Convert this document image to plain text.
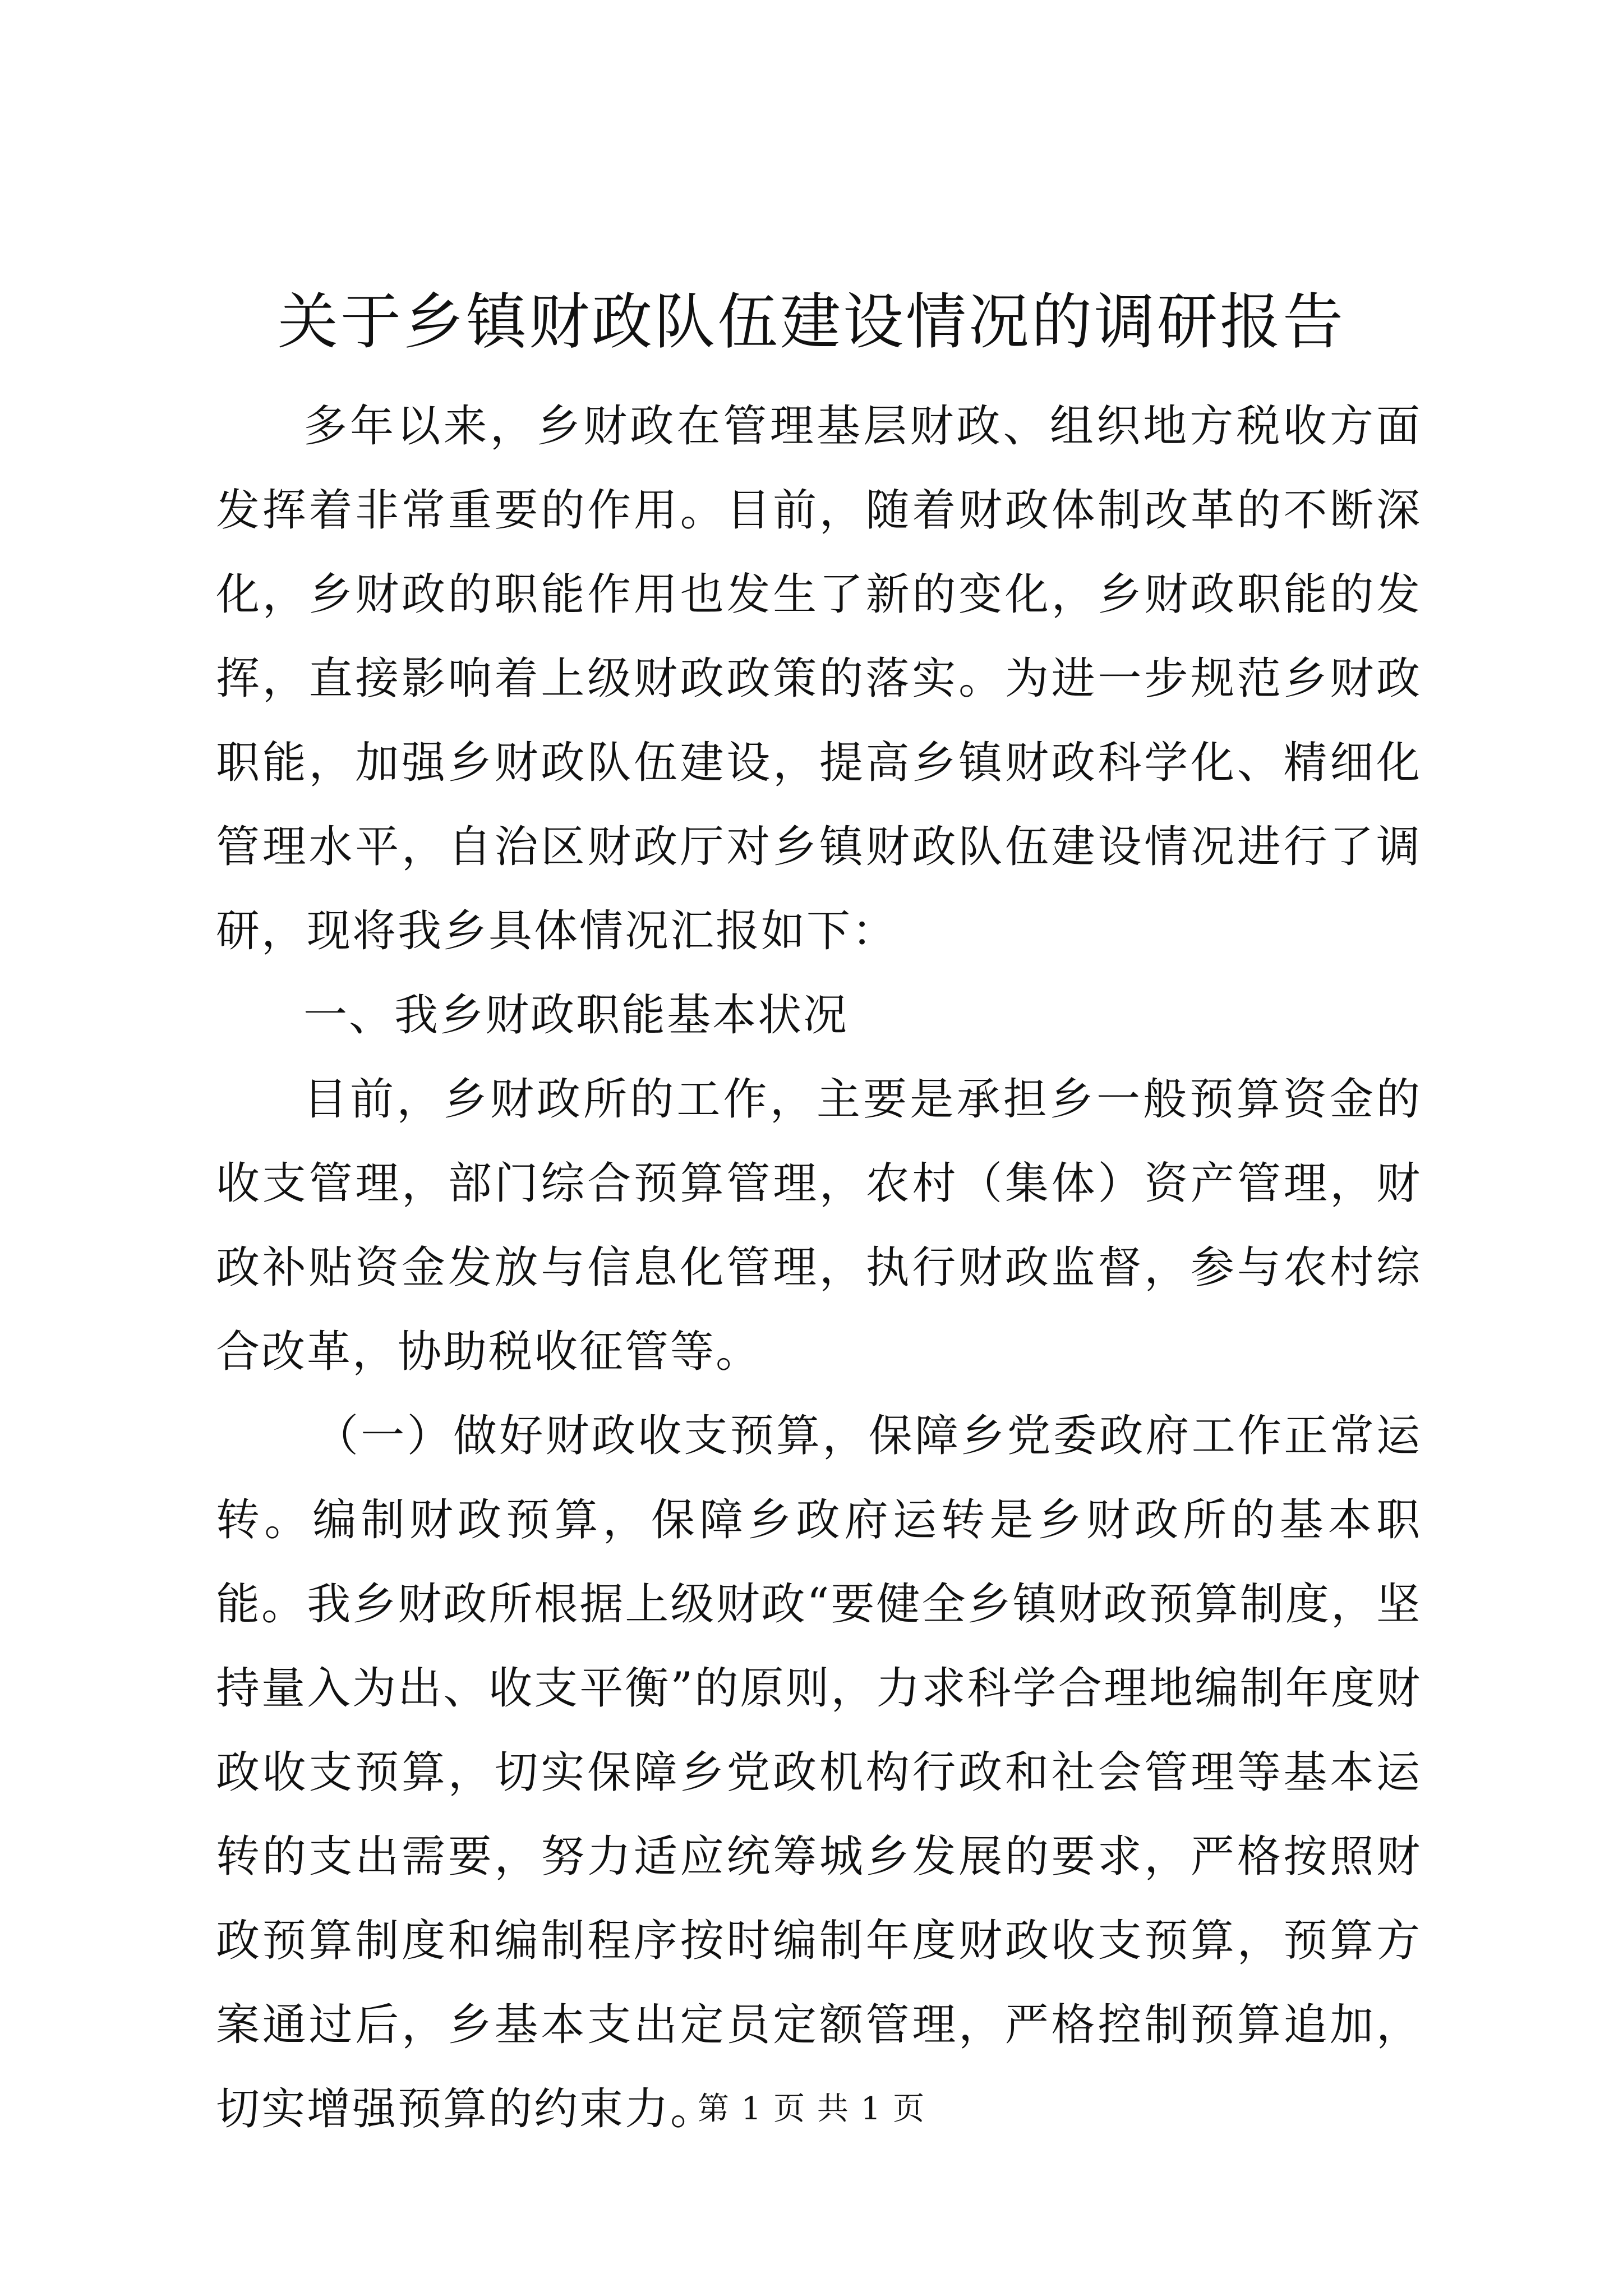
关于乡镇财政队伍建设情况的调研报告

多年以来，乡财政在管理基层财政、组织地方税收方面发挥着非常重要的作用。目前，随着财政体制改革的不断深化，乡财政的职能作用也发生了新的变化，乡财政职能的发挥，直接影响着上级财政政策的落实。为进一步规范乡财政职能，加强乡财政队伍建设，提高乡镇财政科学化、精细化管理水平，自治区财政厅对乡镇财政队伍建设情况进行了调研，现将我乡具体情况汇报如下：

一、我乡财政职能基本状况

目前，乡财政所的工作，主要是承担乡一般预算资金的收支管理，部门综合预算管理，农村（集体）资产管理，财政补贴资金发放与信息化管理，执行财政监督，参与农村综合改革，协助税收征管等。

（一）做好财政收支预算，保障乡党委政府工作正常运转。编制财政预算，保障乡政府运转是乡财政所的基本职能。我乡财政所根据上级财政“要健全乡镇财政预算制度，坚持量入为出、收支平衡”的原则，力求科学合理地编制年度财政收支预算，切实保障乡党政机构行政和社会管理等基本运转的支出需要，努力适应统筹城乡发展的要求，严格按照财政预算制度和编制程序按时编制年度财政收支预算，预算方案通过后，乡基本支出定员定额管理，严格控制预算追加，切实增强预算的约束力。

第 1 页 共 1 页
